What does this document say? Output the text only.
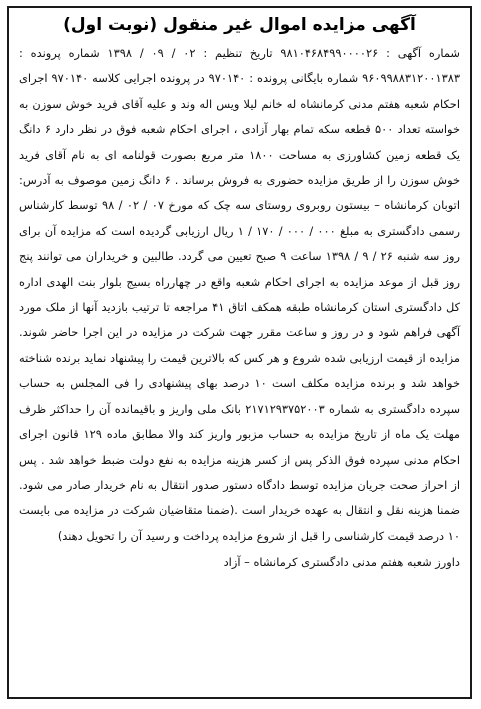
آگهی مزایده اموال غیر منقول (نوبت اول)

شماره آگهی : ۹۸۱۰۴۶۸۴۹۹۰۰۰۰۲۶ تاریخ تنظیم : ۰۲ / ۰۹ / ۱۳۹۸ شماره پرونده : ۹۶۰۹۹۸۸۳۱۲۰۰۱۳۸۳ شماره بایگانی پرونده : ۹۷۰۱۴۰ در پرونده اجرایی کلاسه ۹۷۰۱۴۰ اجرای احکام شعبه هفتم مدنی کرمانشاه له خانم لیلا ویس اله وند و علیه آقای فرید خوش سوزن به خواسته تعداد ۵۰۰ قطعه سکه تمام بهار آزادی ، اجرای احکام شعبه فوق در نظر دارد ۶ دانگ یک قطعه زمین کشاورزی به مساحت ۱۸۰۰ متر مربع بصورت قولنامه ای به نام آقای فرید خوش سوزن را از طریق مزایده حضوری به فروش برساند . ۶ دانگ زمین موصوف به آدرس: اتوبان کرمانشاه – بیستون روبروی روستای سه چک که مورخ ۰۷ / ۰۲ / ۹۸ توسط کارشناس رسمی دادگستری به مبلغ ۰۰۰ / ۰۰۰ / ۱۷۰ / ۱ ریال ارزیابی گردیده است که مزایده آن برای روز سه شنبه ۲۶ / ۹ / ۱۳۹۸ ساعت ۹ صبح تعیین می گردد. طالبین و خریداران می توانند پنج روز قبل از موعد مزایده به اجرای احکام شعبه واقع در چهارراه بسیج بلوار بنت الهدی اداره کل دادگستری استان کرمانشاه طبقه همکف اتاق ۴۱ مراجعه تا ترتیب بازدید آنها از ملک مورد آگهی فراهم شود و در روز و ساعت مقرر جهت شرکت در مزایده در این اجرا حاضر شوند. مزایده از قیمت ارزیابی شده شروع و هر کس که بالاترین قیمت را پیشنهاد نماید برنده شناخته خواهد شد و برنده مزایده مکلف است ۱۰ درصد بهای پیشنهادی را فی المجلس به حساب سپرده دادگستری به شماره ۲۱۷۱۲۹۳۷۵۲۰۰۳ بانک ملی واریز و باقیمانده آن را حداکثر ظرف مهلت یک ماه از تاریخ مزایده به حساب مزبور واریز کند والا مطابق ماده ۱۲۹ قانون اجرای احکام مدنی سپرده فوق الذکر پس از کسر هزینه مزایده به نفع دولت ضبط خواهد شد . پس از احراز صحت جریان مزایده توسط دادگاه دستور صدور انتقال به نام خریدار صادر می شود. ضمنا هزینه نقل و انتقال به عهده خریدار است .(ضمنا متقاضیان شرکت در مزایده می بایست ۱۰ درصد قیمت کارشناسی را قبل از شروع مزایده پرداخت و رسید آن را تحویل دهند)

داورز شعبه هفتم مدنی دادگستری کرمانشاه – آزاد
